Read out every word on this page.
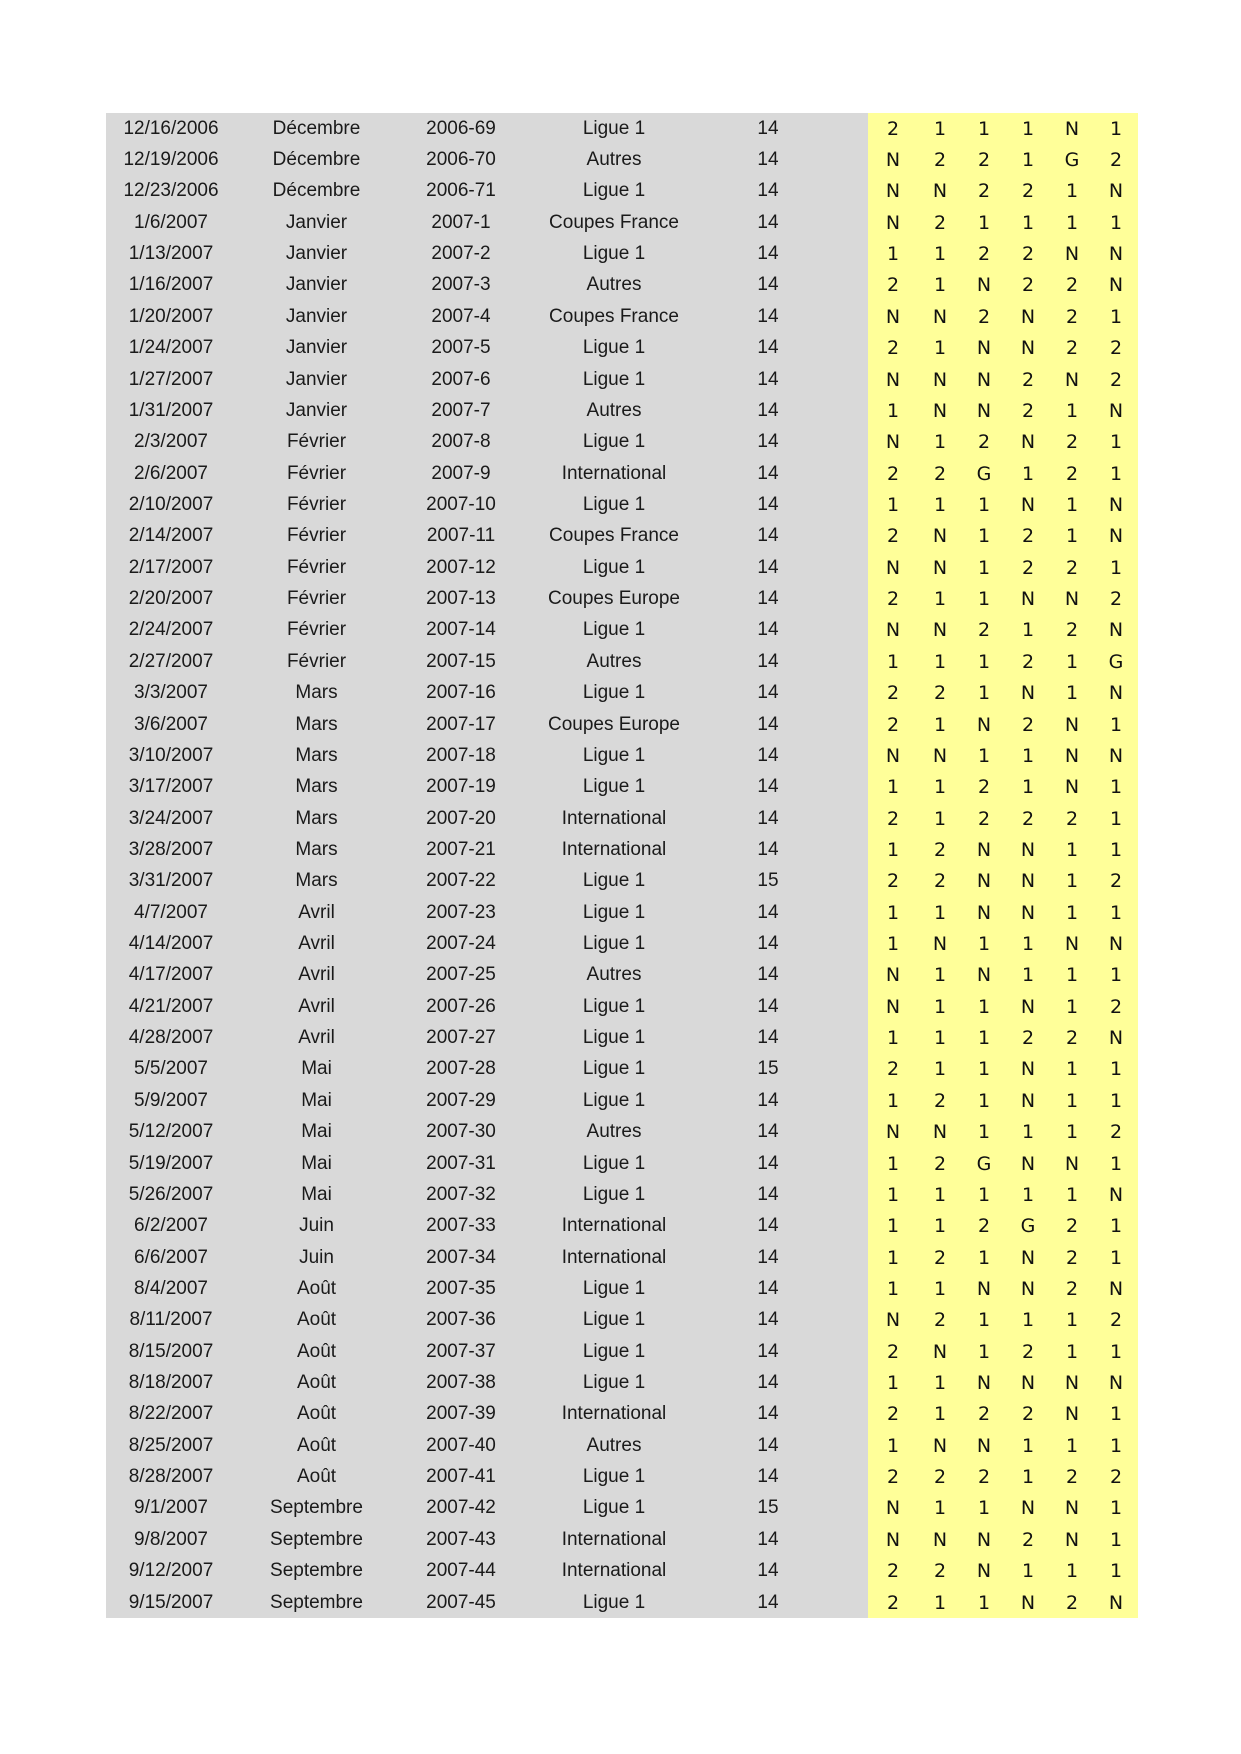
12/16/2006	Décembre	2006-69	Ligue 1	14		2	1	1	1	N	1
12/19/2006	Décembre	2006-70	Autres	14		N	2	2	1	G	2
12/23/2006	Décembre	2006-71	Ligue 1	14		N	N	2	2	1	N
1/6/2007	Janvier	2007-1	Coupes France	14		N	2	1	1	1	1
1/13/2007	Janvier	2007-2	Ligue 1	14		1	1	2	2	N	N
1/16/2007	Janvier	2007-3	Autres	14		2	1	N	2	2	N
1/20/2007	Janvier	2007-4	Coupes France	14		N	N	2	N	2	1
1/24/2007	Janvier	2007-5	Ligue 1	14		2	1	N	N	2	2
1/27/2007	Janvier	2007-6	Ligue 1	14		N	N	N	2	N	2
1/31/2007	Janvier	2007-7	Autres	14		1	N	N	2	1	N
2/3/2007	Février	2007-8	Ligue 1	14		N	1	2	N	2	1
2/6/2007	Février	2007-9	International	14		2	2	G	1	2	1
2/10/2007	Février	2007-10	Ligue 1	14		1	1	1	N	1	N
2/14/2007	Février	2007-11	Coupes France	14		2	N	1	2	1	N
2/17/2007	Février	2007-12	Ligue 1	14		N	N	1	2	2	1
2/20/2007	Février	2007-13	Coupes Europe	14		2	1	1	N	N	2
2/24/2007	Février	2007-14	Ligue 1	14		N	N	2	1	2	N
2/27/2007	Février	2007-15	Autres	14		1	1	1	2	1	G
3/3/2007	Mars	2007-16	Ligue 1	14		2	2	1	N	1	N
3/6/2007	Mars	2007-17	Coupes Europe	14		2	1	N	2	N	1
3/10/2007	Mars	2007-18	Ligue 1	14		N	N	1	1	N	N
3/17/2007	Mars	2007-19	Ligue 1	14		1	1	2	1	N	1
3/24/2007	Mars	2007-20	International	14		2	1	2	2	2	1
3/28/2007	Mars	2007-21	International	14		1	2	N	N	1	1
3/31/2007	Mars	2007-22	Ligue 1	15		2	2	N	N	1	2
4/7/2007	Avril	2007-23	Ligue 1	14		1	1	N	N	1	1
4/14/2007	Avril	2007-24	Ligue 1	14		1	N	1	1	N	N
4/17/2007	Avril	2007-25	Autres	14		N	1	N	1	1	1
4/21/2007	Avril	2007-26	Ligue 1	14		N	1	1	N	1	2
4/28/2007	Avril	2007-27	Ligue 1	14		1	1	1	2	2	N
5/5/2007	Mai	2007-28	Ligue 1	15		2	1	1	N	1	1
5/9/2007	Mai	2007-29	Ligue 1	14		1	2	1	N	1	1
5/12/2007	Mai	2007-30	Autres	14		N	N	1	1	1	2
5/19/2007	Mai	2007-31	Ligue 1	14		1	2	G	N	N	1
5/26/2007	Mai	2007-32	Ligue 1	14		1	1	1	1	1	N
6/2/2007	Juin	2007-33	International	14		1	1	2	G	2	1
6/6/2007	Juin	2007-34	International	14		1	2	1	N	2	1
8/4/2007	Août	2007-35	Ligue 1	14		1	1	N	N	2	N
8/11/2007	Août	2007-36	Ligue 1	14		N	2	1	1	1	2
8/15/2007	Août	2007-37	Ligue 1	14		2	N	1	2	1	1
8/18/2007	Août	2007-38	Ligue 1	14		1	1	N	N	N	N
8/22/2007	Août	2007-39	International	14		2	1	2	2	N	1
8/25/2007	Août	2007-40	Autres	14		1	N	N	1	1	1
8/28/2007	Août	2007-41	Ligue 1	14		2	2	2	1	2	2
9/1/2007	Septembre	2007-42	Ligue 1	15		N	1	1	N	N	1
9/8/2007	Septembre	2007-43	International	14		N	N	N	2	N	1
9/12/2007	Septembre	2007-44	International	14		2	2	N	1	1	1
9/15/2007	Septembre	2007-45	Ligue 1	14		2	1	1	N	2	N
